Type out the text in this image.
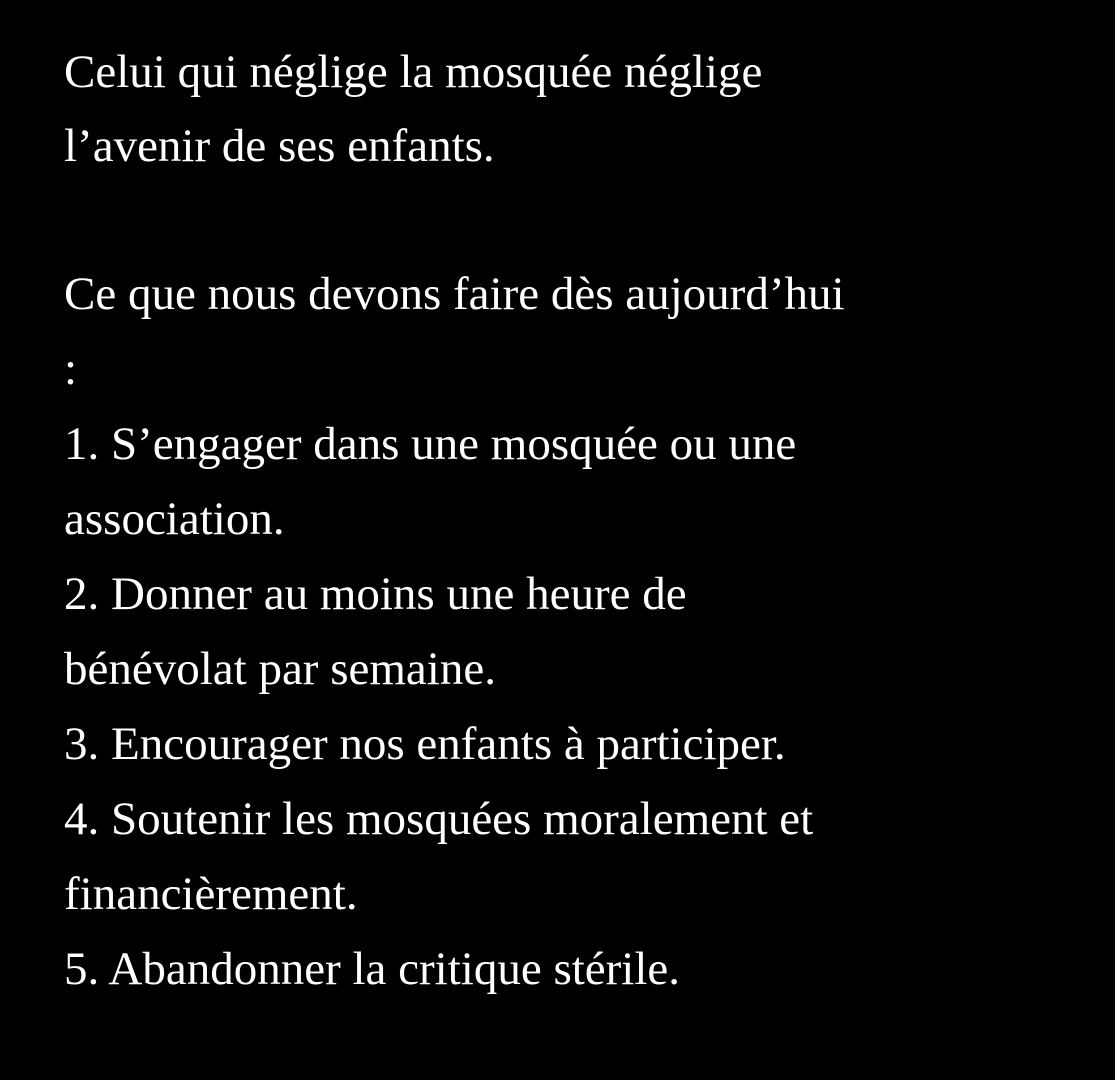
Celui qui néglige la mosquée néglige
l’avenir de ses enfants.
Ce que nous devons faire dès aujourd’hui
:
1. S’engager dans une mosquée ou une
association.
2. Donner au moins une heure de
bénévolat par semaine.
3. Encourager nos enfants à participer.
4. Soutenir les mosquées moralement et
financièrement.
5. Abandonner la critique stérile.
